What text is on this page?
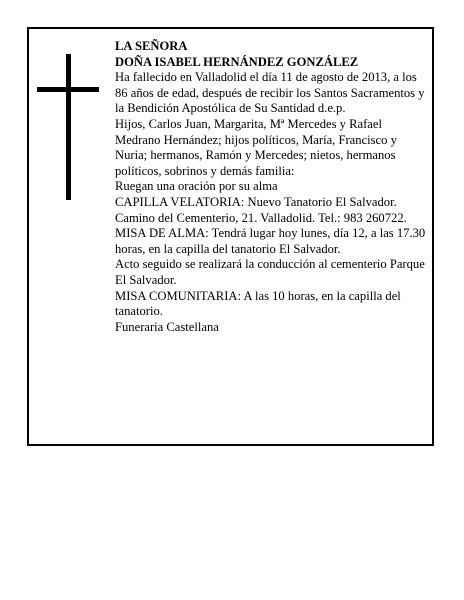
LA SEÑORA

DOÑA ISABEL HERNÁNDEZ GONZÁLEZ

Ha fallecido en Valladolid el día 11 de agosto de 2013, a los 86 años de edad, después de recibir los Santos Sacramentos y la Bendición Apostólica de Su Santidad d.e.p.

Hijos, Carlos Juan, Margarita, Mª Mercedes y Rafael Medrano Hernández; hijos políticos, María, Francisco y Nuria; hermanos, Ramón y Mercedes; nietos, hermanos políticos, sobrinos y demás familia:

Ruegan una oración por su alma

CAPILLA VELATORIA: Nuevo Tanatorio El Salvador. Camino del Cementerio, 21. Valladolid. Tel.: 983 260722.

MISA DE ALMA: Tendrá lugar hoy lunes, día 12, a las 17.30 horas, en la capilla del tanatorio El Salvador.

Acto seguido se realizará la conducción al cementerio Parque El Salvador.

MISA COMUNITARIA: A las 10 horas, en la capilla del tanatorio.

Funeraria Castellana
